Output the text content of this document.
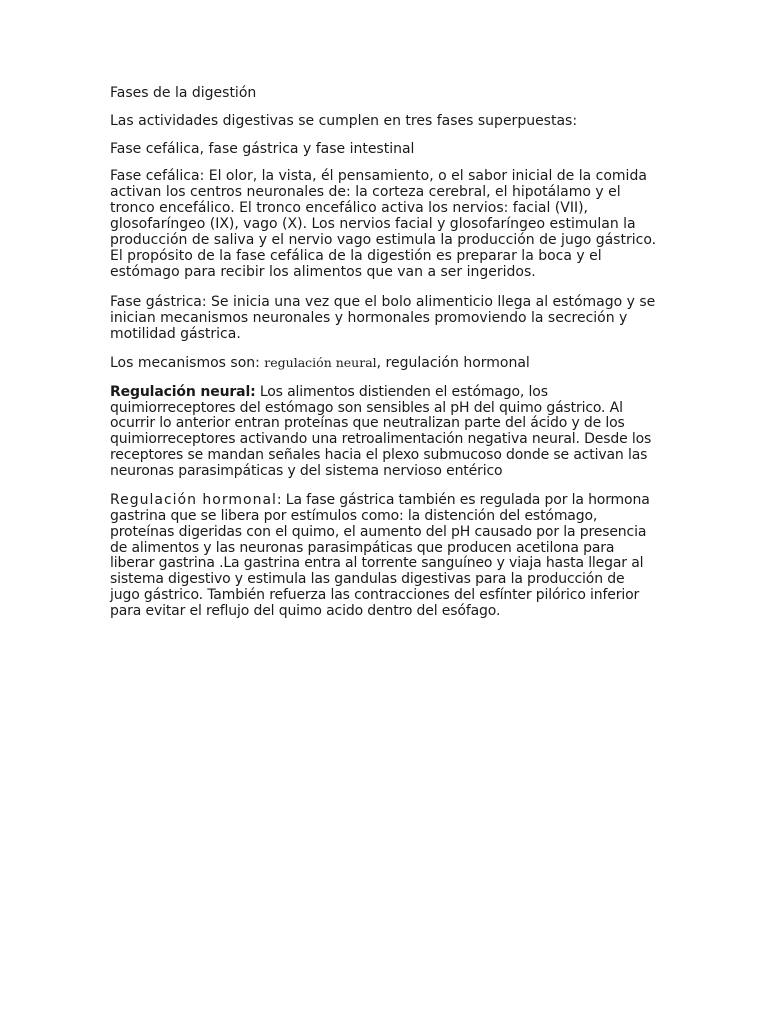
Fases de la digestión

Las actividades digestivas se cumplen en tres fases superpuestas:

Fase cefálica, fase gástrica y fase intestinal

Fase cefálica: El olor, la vista, él pensamiento, o el sabor inicial de la comida activan los centros neuronales de: la corteza cerebral, el hipotálamo y el tronco encefálico. El tronco encefálico activa los nervios: facial (VII), glosofaríngeo (IX), vago (X). Los nervios facial y glosofaríngeo estimulan la producción de saliva y el nervio vago estimula la producción de jugo gástrico. El propósito de la fase cefálica de la digestión es preparar la boca y el estómago para recibir los alimentos que van a ser ingeridos.

Fase gástrica: Se inicia una vez que el bolo alimenticio llega al estómago y se inician mecanismos neuronales y hormonales promoviendo la secreción y motilidad gástrica.

Los mecanismos son: regulación neural, regulación hormonal

Regulación neural: Los alimentos distienden el estómago, los quimiorreceptores del estómago son sensibles al pH del quimo gástrico. Al ocurrir lo anterior entran proteínas que neutralizan parte del ácido y de los quimiorreceptores activando una retroalimentación negativa neural. Desde los receptores se mandan señales hacia el plexo submucoso donde se activan las neuronas parasimpáticas y del sistema nervioso entérico

Regulación hormonal: La fase gástrica también es regulada por la hormona gastrina que se libera por estímulos como: la distención del estómago, proteínas digeridas con el quimo, el aumento del pH causado por la presencia de alimentos y las neuronas parasimpáticas que producen acetilona para liberar gastrina .La gastrina entra al torrente sanguíneo y viaja hasta llegar al sistema digestivo y estimula las gandulas digestivas para la producción de jugo gástrico. También refuerza las contracciones del esfínter pilórico inferior para evitar el reflujo del quimo acido dentro del esófago.
